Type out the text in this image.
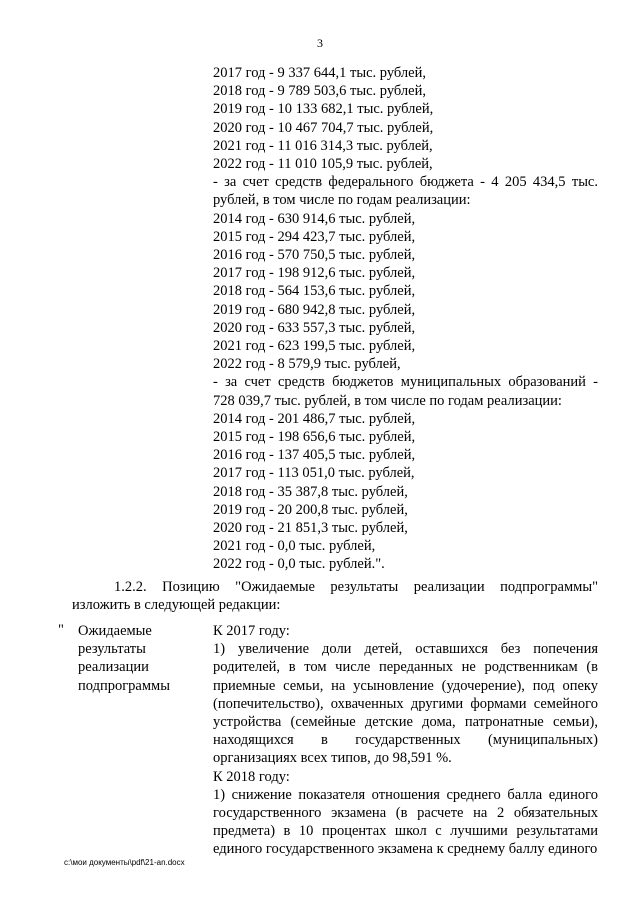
3
2017 год - 9 337 644,1 тыс. рублей,
2018 год - 9 789 503,6 тыс. рублей,
2019 год - 10 133 682,1 тыс. рублей,
2020 год - 10 467 704,7 тыс. рублей,
2021 год - 11 016 314,3 тыс. рублей,
2022 год - 11 010 105,9 тыс. рублей,
- за счет средств федерального бюджета - 4 205 434,5 тыс. рублей, в том числе по годам реализации:
2014 год - 630 914,6 тыс. рублей,
2015 год - 294 423,7 тыс. рублей,
2016 год - 570 750,5 тыс. рублей,
2017 год - 198 912,6 тыс. рублей,
2018 год - 564 153,6 тыс. рублей,
2019 год - 680 942,8 тыс. рублей,
2020 год - 633 557,3 тыс. рублей,
2021 год - 623 199,5 тыс. рублей,
2022 год - 8 579,9 тыс. рублей,
- за счет средств бюджетов муниципальных образований - 728 039,7 тыс. рублей, в том числе по годам реализации:
2014 год - 201 486,7 тыс. рублей,
2015 год - 198 656,6 тыс. рублей,
2016 год - 137 405,5 тыс. рублей,
2017 год - 113 051,0 тыс. рублей,
2018 год - 35 387,8 тыс. рублей,
2019 год - 20 200,8 тыс. рублей,
2020 год - 21 851,3 тыс. рублей,
2021 год - 0,0 тыс. рублей,
2022 год - 0,0 тыс. рублей.".
1.2.2. Позицию "Ожидаемые результаты реализации подпрограммы" изложить в следующей редакции:
" Ожидаемые результаты реализации подпрограммы
К 2017 году:
1) увеличение доли детей, оставшихся без попечения родителей, в том числе переданных не родственникам (в приемные семьи, на усыновление (удочерение), под опеку (попечительство), охваченных другими формами семейного устройства (семейные детские дома, патронатные семьи), находящихся в государственных (муниципальных) организациях всех типов, до 98,591 %.
К 2018 году:
1) снижение показателя отношения среднего балла единого государственного экзамена (в расчете на 2 обязательных предмета) в 10 процентах школ с лучшими результатами единого государственного экзамена к среднему баллу единого
c:\мои документы\pdf\21-an.docx
